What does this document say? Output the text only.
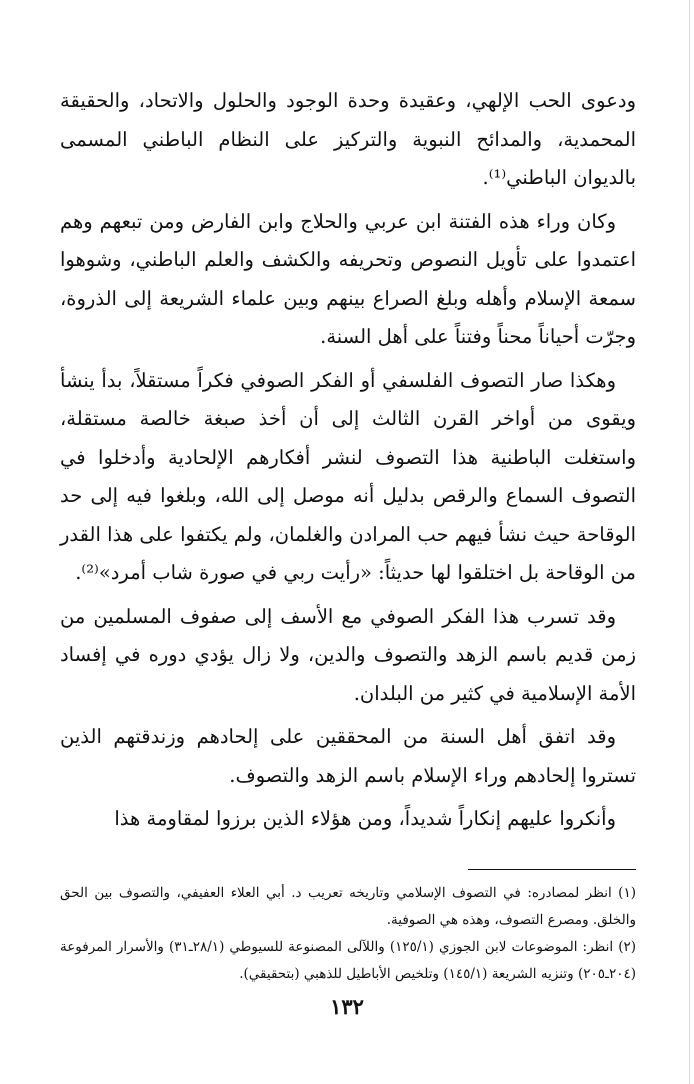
ودعوى الحب الإلهي، وعقيدة وحدة الوجود والحلول والاتحاد، والحقيقة المحمدية، والمدائح النبوية والتركيز على النظام الباطني المسمى بالديوان الباطني⁽¹⁾.

وكان وراء هذه الفتنة ابن عربي والحلاج وابن الفارض ومن تبعهم وهم اعتمدوا على تأويل النصوص وتحريفه والكشف والعلم الباطني، وشوهوا سمعة الإسلام وأهله وبلغ الصراع بينهم وبين علماء الشريعة إلى الذروة، وجرّت أحياناً محناً وفتناً على أهل السنة.

وهكذا صار التصوف الفلسفي أو الفكر الصوفي فكراً مستقلاً، بدأ ينشأ ويقوى من أواخر القرن الثالث إلى أن أخذ صبغة خالصة مستقلة، واستغلت الباطنية هذا التصوف لنشر أفكارهم الإلحادية وأدخلوا في التصوف السماع والرقص بدليل أنه موصل إلى الله، وبلغوا فيه إلى حد الوقاحة حيث نشأ فيهم حب المرادن والغلمان، ولم يكتفوا على هذا القدر من الوقاحة بل اختلقوا لها حديثاً: «رأيت ربي في صورة شاب أمرد»⁽²⁾.

وقد تسرب هذا الفكر الصوفي مع الأسف إلى صفوف المسلمين من زمن قديم باسم الزهد والتصوف والدين، ولا زال يؤدي دوره في إفساد الأمة الإسلامية في كثير من البلدان.

وقد اتفق أهل السنة من المحققين على إلحادهم وزندقتهم الذين تستروا إلحادهم وراء الإسلام باسم الزهد والتصوف.

وأنكروا عليهم إنكاراً شديداً، ومن هؤلاء الذين برزوا لمقاومة هذا

(١) انظر لمصادره: في التصوف الإسلامي وتاريخه تعريب د. أبي العلاء العفيفي، والتصوف بين الحق والخلق. ومصرع التصوف، وهذه هي الصوفية.

(٢) انظر: الموضوعات لابن الجوزي (١٢٥/١) واللآلى المصنوعة للسيوطي (٢٨/١ـ٣١) والأسرار المرفوعة (٢٠٤ـ٢٠٥) وتنزيه الشريعة (١٤٥/١) وتلخيص الأباطيل للذهبي (بتحقيقي).

١٣٢
